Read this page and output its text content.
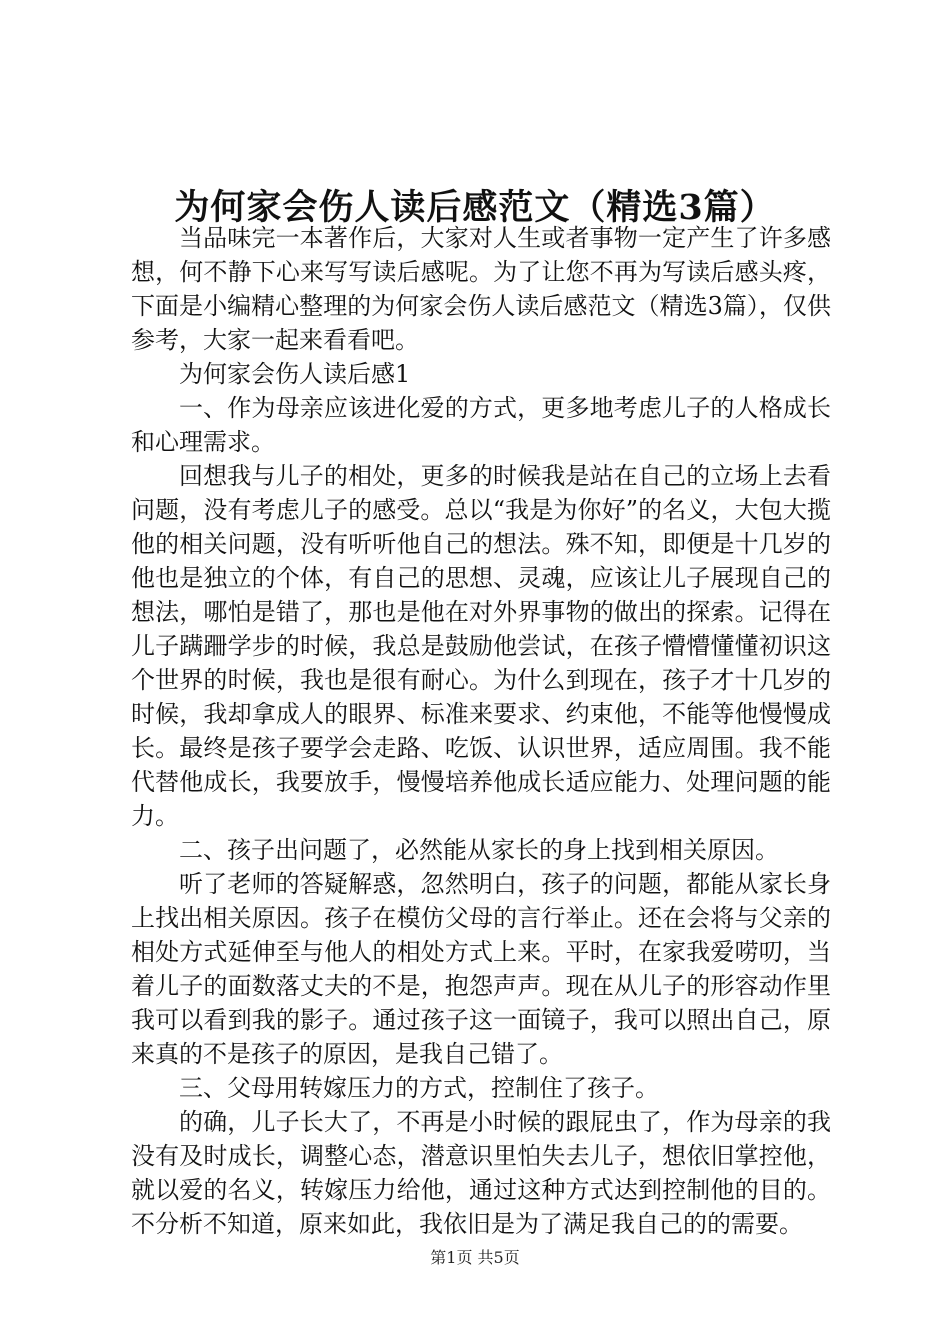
为何家会伤人读后感范文（精选3篇）

当品味完一本著作后，大家对人生或者事物一定产生了许多感想，何不静下心来写写读后感呢。为了让您不再为写读后感头疼，下面是小编精心整理的为何家会伤人读后感范文（精选3篇），仅供参考，大家一起来看看吧。

为何家会伤人读后感1

一、作为母亲应该进化爱的方式，更多地考虑儿子的人格成长和心理需求。

回想我与儿子的相处，更多的时候我是站在自己的立场上去看问题，没有考虑儿子的感受。总以“我是为你好”的名义，大包大揽他的相关问题，没有听听他自己的想法。殊不知，即便是十几岁的他也是独立的个体，有自己的思想、灵魂，应该让儿子展现自己的想法，哪怕是错了，那也是他在对外界事物的做出的探索。记得在儿子蹒跚学步的时候，我总是鼓励他尝试，在孩子懵懵懂懂初识这个世界的时候，我也是很有耐心。为什么到现在，孩子才十几岁的时候，我却拿成人的眼界、标准来要求、约束他，不能等他慢慢成长。最终是孩子要学会走路、吃饭、认识世界，适应周围。我不能代替他成长，我要放手，慢慢培养他成长适应能力、处理问题的能力。

二、孩子出问题了，必然能从家长的身上找到相关原因。

听了老师的答疑解惑，忽然明白，孩子的问题，都能从家长身上找出相关原因。孩子在模仿父母的言行举止。还在会将与父亲的相处方式延伸至与他人的相处方式上来。平时，在家我爱唠叨，当着儿子的面数落丈夫的不是，抱怨声声。现在从儿子的形容动作里我可以看到我的影子。通过孩子这一面镜子，我可以照出自己，原来真的不是孩子的原因，是我自己错了。

三、父母用转嫁压力的方式，控制住了孩子。

的确，儿子长大了，不再是小时候的跟屁虫了，作为母亲的我没有及时成长，调整心态，潜意识里怕失去儿子，想依旧掌控他，就以爱的名义，转嫁压力给他，通过这种方式达到控制他的目的。不分析不知道，原来如此，我依旧是为了满足我自己的的需要。

第1页 共5页
